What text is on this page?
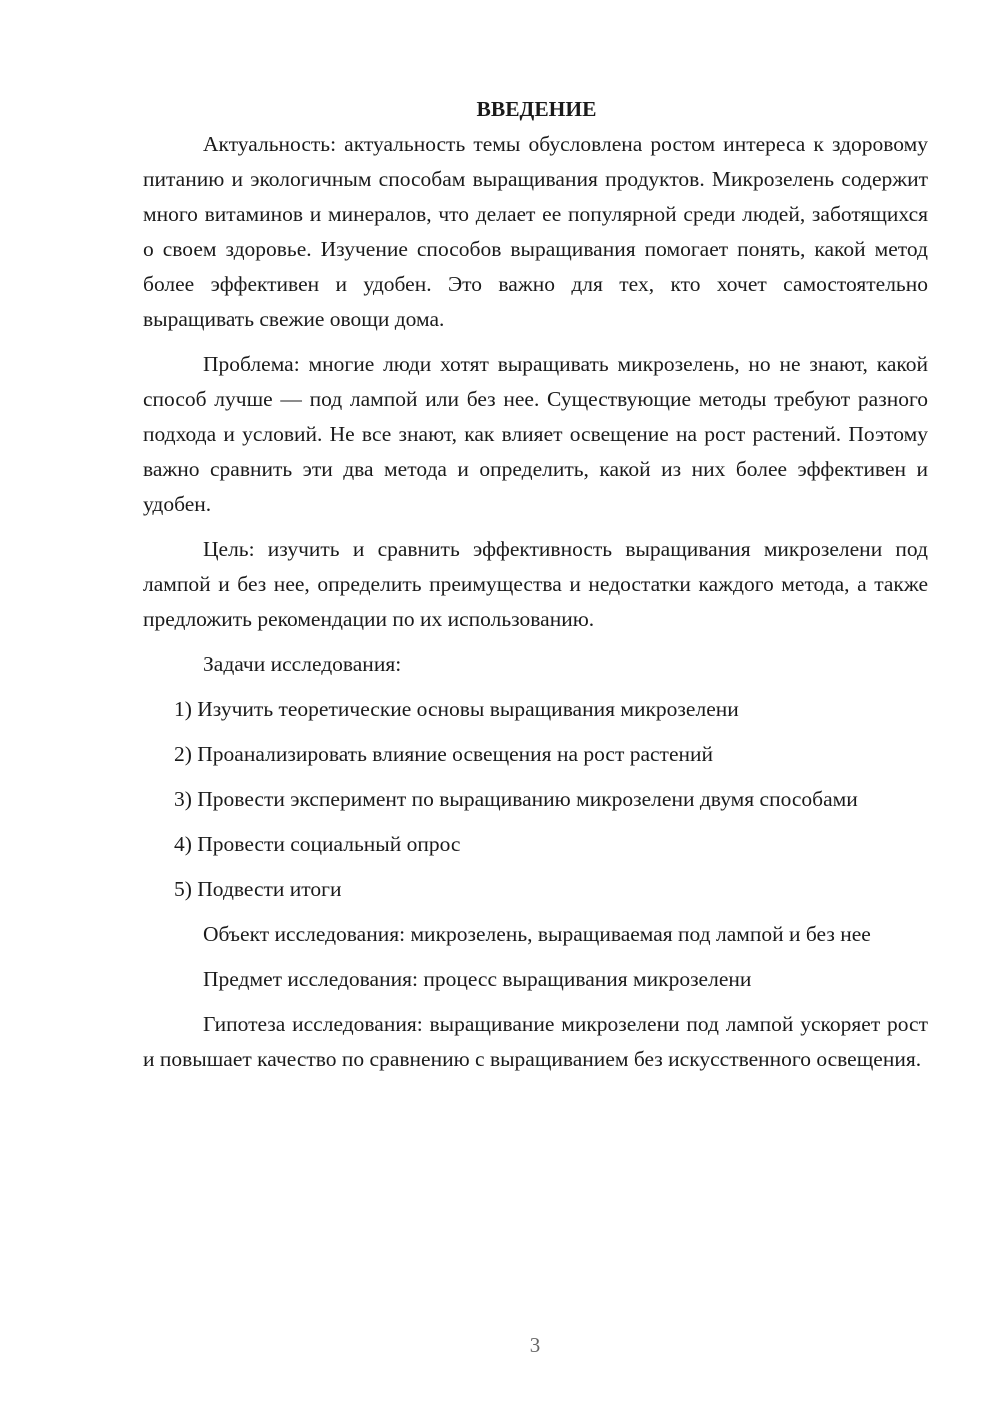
ВВЕДЕНИЕ

Актуальность: актуальность темы обусловлена ростом интереса к здоровому питанию и экологичным способам выращивания продуктов. Микрозелень содержит много витаминов и минералов, что делает ее популярной среди людей, заботящихся о своем здоровье. Изучение способов выращивания помогает понять, какой метод более эффективен и удобен. Это важно для тех, кто хочет самостоятельно выращивать свежие овощи дома.

Проблема: многие люди хотят выращивать микрозелень, но не знают, какой способ лучше — под лампой или без нее. Существующие методы требуют разного подхода и условий. Не все знают, как влияет освещение на рост растений. Поэтому важно сравнить эти два метода и определить, какой из них более эффективен и удобен.

Цель: изучить и сравнить эффективность выращивания микрозелени под лампой и без нее, определить преимущества и недостатки каждого метода, а также предложить рекомендации по их использованию.

Задачи исследования:

1) Изучить теоретические основы выращивания микрозелени

2) Проанализировать влияние освещения на рост растений

3) Провести эксперимент по выращиванию микрозелени двумя способами

4) Провести социальный опрос

5) Подвести итоги

Объект исследования: микрозелень, выращиваемая под лампой и без нее

Предмет исследования: процесс выращивания микрозелени

Гипотеза исследования: выращивание микрозелени под лампой ускоряет рост и повышает качество по сравнению с выращиванием без искусственного освещения.

3
